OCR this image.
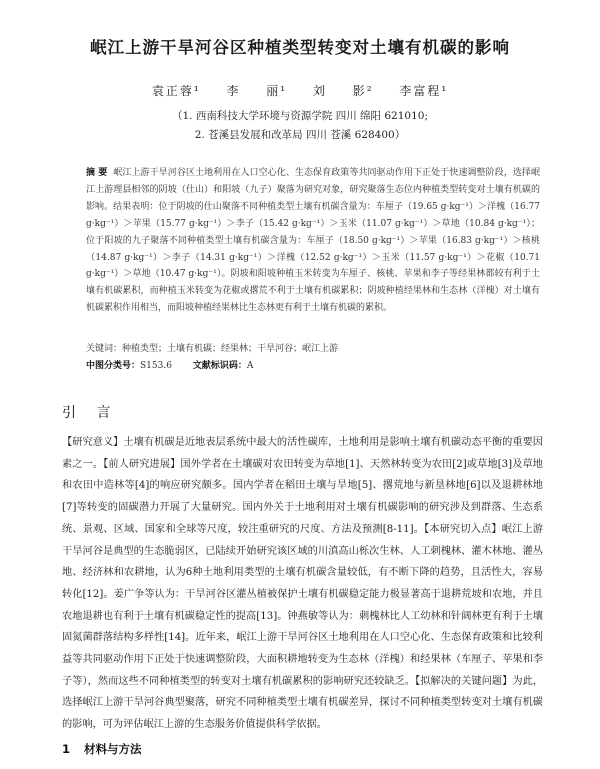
岷江上游干旱河谷区种植类型转变对土壤有机碳的影响
袁正蓉¹ 李 丽¹ 刘 影² 李富程¹
（1. 西南科技大学环境与资源学院 四川 绵阳 621010;
2. 苍溪县发展和改革局 四川 苍溪 628400）
摘 要 岷江上游干旱河谷区土地利用在人口空心化、生态保育政策等共同驱动作用下正处于快速调整阶段，选择岷江上游理县相邻的阴坡（仕山）和阳坡（九子）聚落为研究对象，研究聚落生态位内种植类型转变对土壤有机碳的影响。结果表明：位于阴坡的仕山聚落不同种植类型土壤有机碳含量为：车厘子（19.65 g·kg⁻¹）＞洋槐（16.77 g·kg⁻¹）＞苹果（15.77 g·kg⁻¹）＞李子（15.42 g·kg⁻¹）＞玉米（11.07 g·kg⁻¹）＞草地（10.84 g·kg⁻¹）；位于阳坡的九子聚落不同种植类型土壤有机碳含量为：车厘子（18.50 g·kg⁻¹）＞苹果（16.83 g·kg⁻¹）＞核桃（14.87 g·kg⁻¹）＞李子（14.31 g·kg⁻¹）＞洋槐（12.52 g·kg⁻¹）＞玉米（11.57 g·kg⁻¹）＞花椒（10.71 g·kg⁻¹）＞草地（10.47 g·kg⁻¹）。阴坡和阳坡种植玉米转变为车厘子、核桃、苹果和李子等经果林都较有利于土壤有机碳累积，而种植玉米转变为花椒或撂荒不利于土壤有机碳累积；阴坡种植经果林和生态林（洋槐）对土壤有机碳累积作用相当，而阳坡种植经果林比生态林更有利于土壤有机碳的累积。
关键词：种植类型；土壤有机碳；经果林；干旱河谷；岷江上游
中图分类号：S153.6 文献标识码：A
引 言
【研究意义】土壤有机碳是近地表层系统中最大的活性碳库，土地利用是影响土壤有机碳动态平衡的重要因素之一。【前人研究进展】国外学者在土壤碳对农田转变为草地[1]、天然林转变为农田[2]或草地[3]及草地和农田中造林等[4]的响应研究颇多。国内学者在稻田土壤与旱地[5]、撂荒地与新垦林地[6]以及退耕林地[7]等转变的固碳潜力开展了大量研究。国内外关于土地利用对土壤有机碳影响的研究涉及到群落、生态系统、景观、区域、国家和全球等尺度，较注重研究的尺度、方法及预测[8-11]。【本研究切入点】岷江上游干旱河谷是典型的生态脆弱区，已陆续开始研究该区域的川滇高山栎次生林、人工刺槐林、灌木林地、灌丛地、经济林和农耕地，认为6种土地利用类型的土壤有机碳含量较低，有不断下降的趋势，且活性大，容易转化[12]。姜广争等认为：干旱河谷区灌丛植被保护土壤有机碳稳定能力极显著高于退耕荒坡和农地，并且农地退耕也有利于土壤有机碳稳定性的提高[13]。钟燕敏等认为：刺槐林比人工幼林和针阔林更有利于土壤固氮菌群落结构多样性[14]。近年来，岷江上游干旱河谷区土地利用在人口空心化、生态保育政策和比较利益等共同驱动作用下正处于快速调整阶段，大面积耕地转变为生态林（洋槐）和经果林（车厘子、苹果和李子等），然而这些不同种植类型的转变对土壤有机碳累积的影响研究还较缺乏。【拟解决的关键问题】为此，选择岷江上游干旱河谷典型聚落，研究不同种植类型土壤有机碳差异，探讨不同种植类型转变对土壤有机碳的影响，可为评估岷江上游的生态服务价值提供科学依据。
1 材料与方法
